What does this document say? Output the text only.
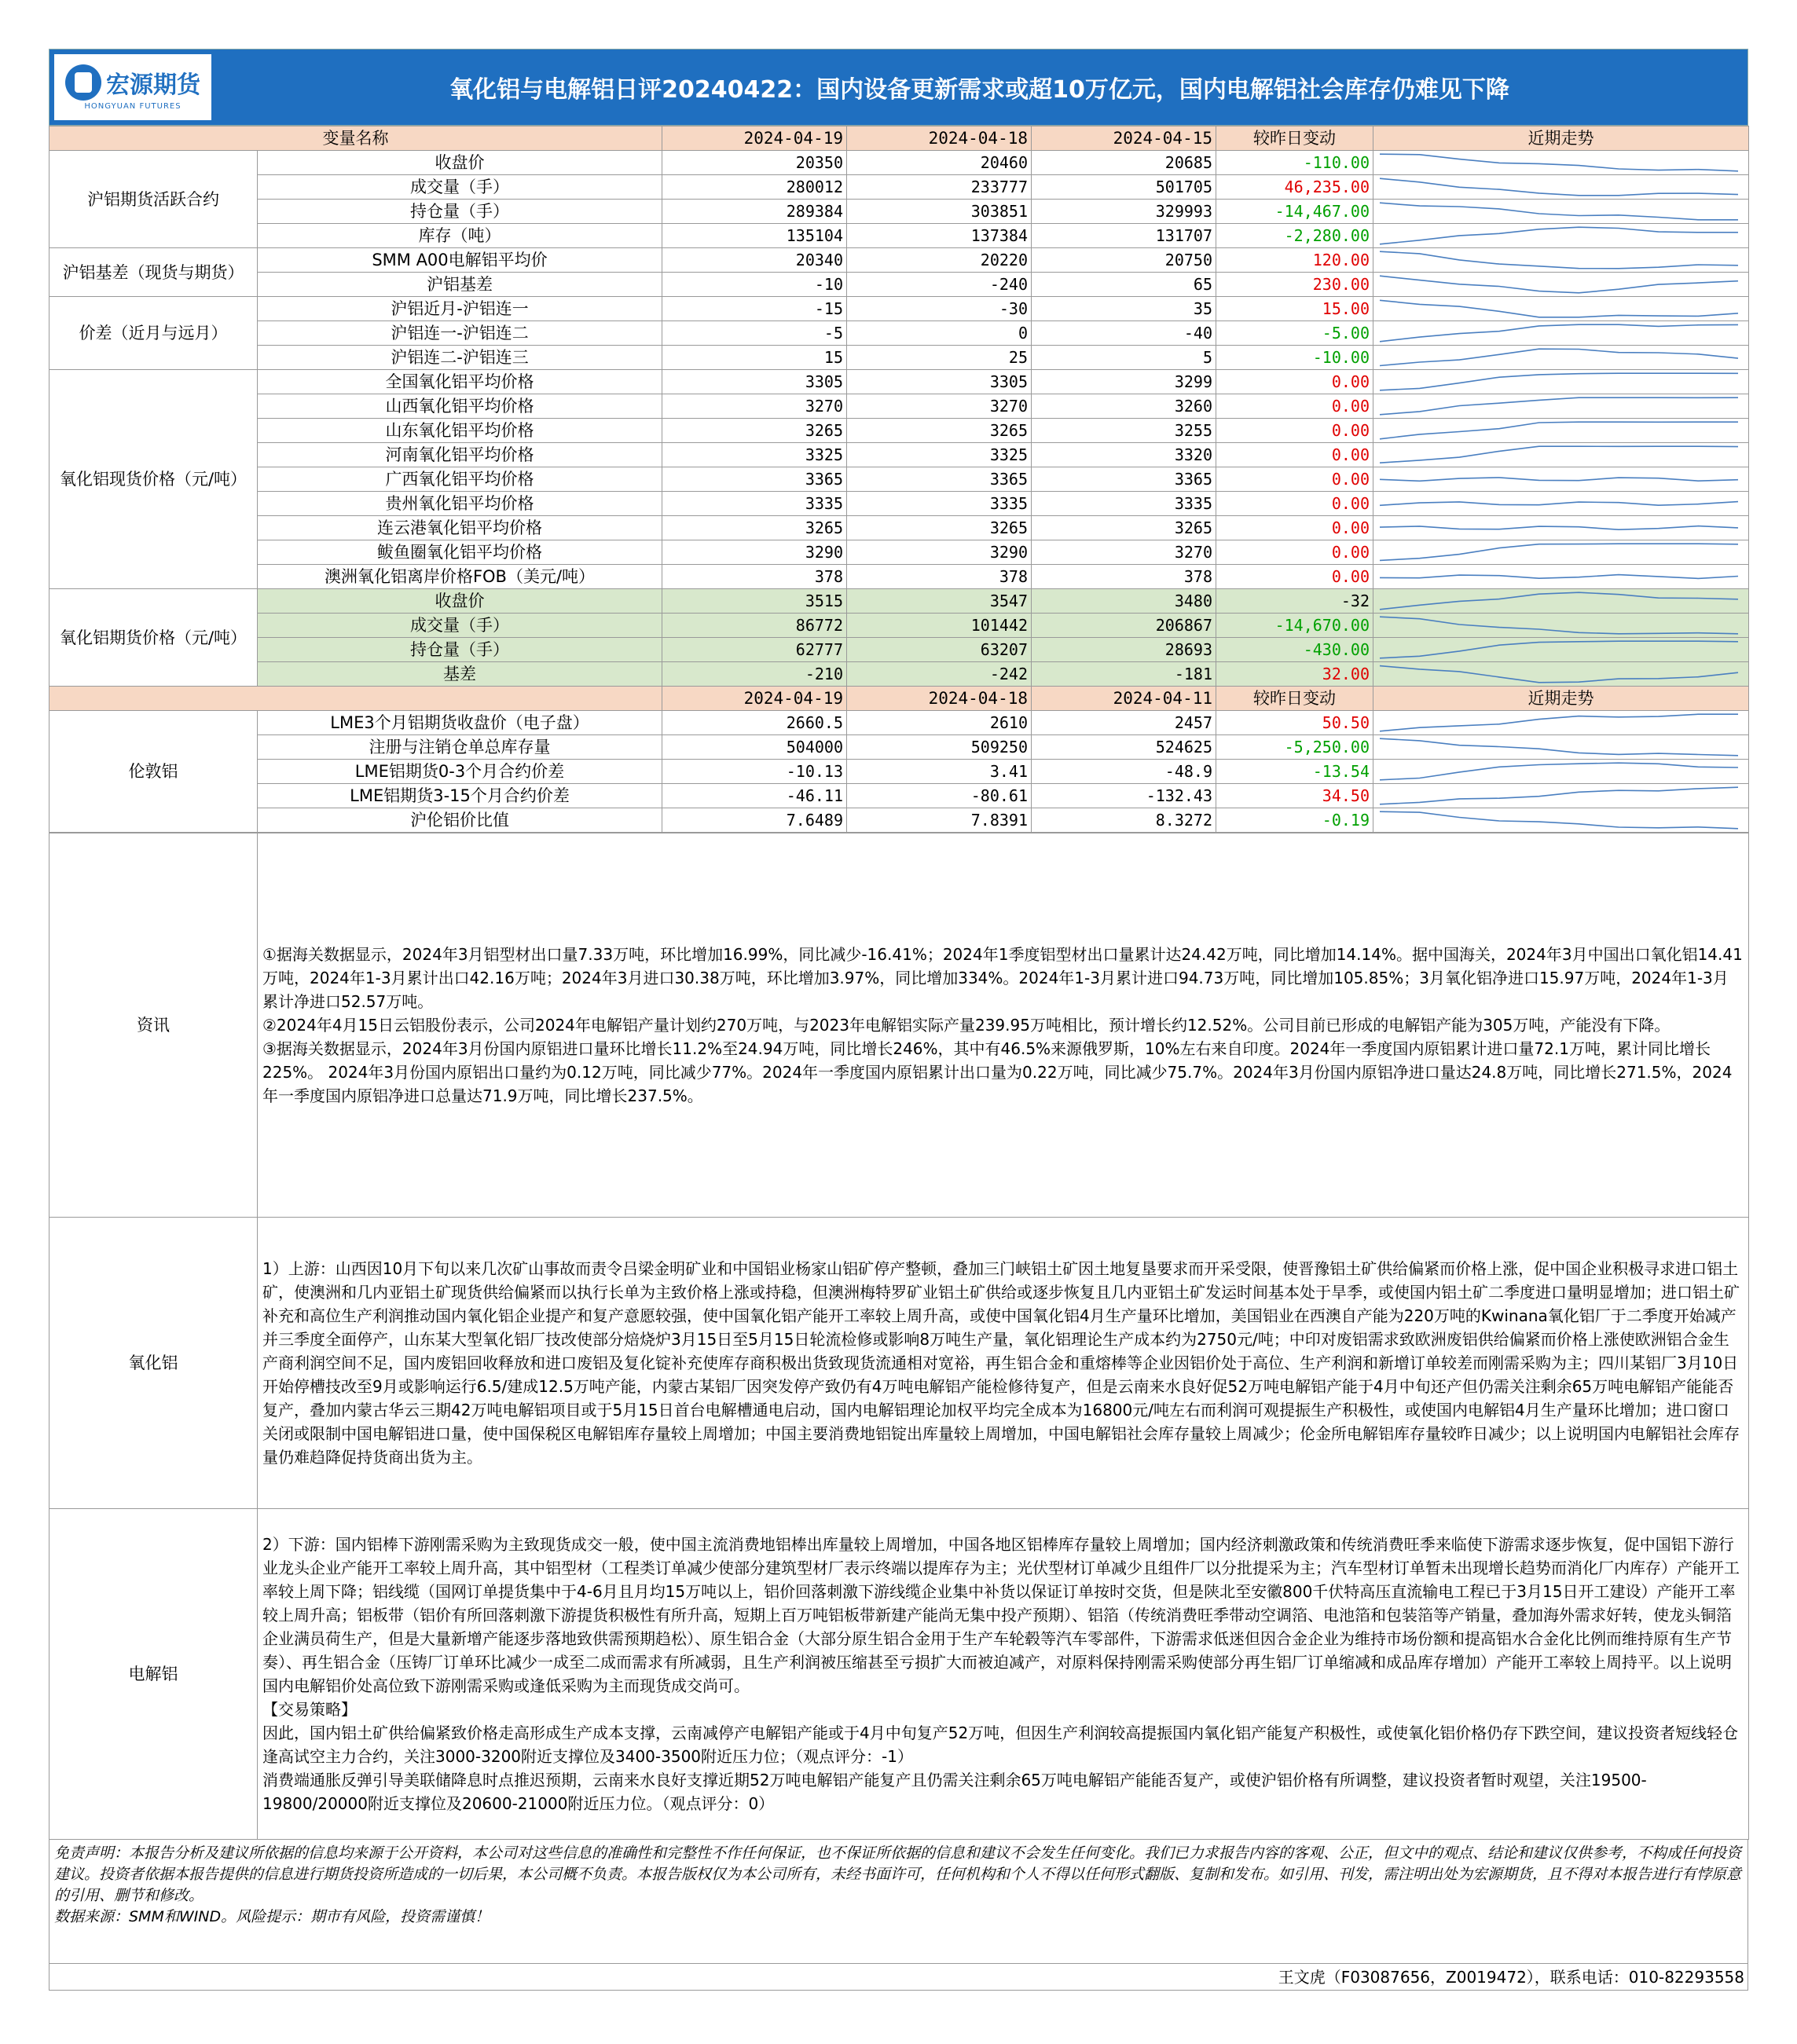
宏源期货
HONGYUAN FUTURES
氧化铝与电解铝日评20240422：国内设备更新需求或超10万亿元，国内电解铝社会库存仍难见下降
变量名称		2024-04-19	2024-04-18	2024-04-15	较昨日变动	近期走势
沪铝期货活跃合约	收盘价	20350	20460	20685	-110.00	

	成交量（手）	280012	233777	501705	46,235.00	

	持仓量（手）	289384	303851	329993	-14,467.00	

	库存（吨）	135104	137384	131707	-2,280.00	

沪铝基差（现货与期货）	SMM A00电解铝平均价	20340	20220	20750	120.00	

	沪铝基差	-10	-240	65	230.00	

价差（近月与远月）	沪铝近月-沪铝连一	-15	-30	35	15.00	

	沪铝连一-沪铝连二	-5	0	-40	-5.00	

	沪铝连二-沪铝连三	15	25	5	-10.00	

氧化铝现货价格（元/吨）	全国氧化铝平均价格	3305	3305	3299	0.00	

	山西氧化铝平均价格	3270	3270	3260	0.00	

	山东氧化铝平均价格	3265	3265	3255	0.00	

	河南氧化铝平均价格	3325	3325	3320	0.00	

	广西氧化铝平均价格	3365	3365	3365	0.00	

	贵州氧化铝平均价格	3335	3335	3335	0.00	

	连云港氧化铝平均价格	3265	3265	3265	0.00	

	鲅鱼圈氧化铝平均价格	3290	3290	3270	0.00	

	澳洲氧化铝离岸价格FOB（美元/吨）	378	378	378	0.00	

氧化铝期货价格（元/吨）	收盘价	3515	3547	3480	-32	

	成交量（手）	86772	101442	206867	-14,670.00	

	持仓量（手）	62777	63207	28693	-430.00	

	基差	-210	-242	-181	32.00	

		2024-04-19	2024-04-18	2024-04-11	较昨日变动	近期走势
伦敦铝	LME3个月铝期货收盘价（电子盘）	2660.5	2610	2457	50.50	

	注册与注销仓单总库存量	504000	509250	524625	-5,250.00	

	LME铝期货0-3个月合约价差	-10.13	3.41	-48.9	-13.54	

	LME铝期货3-15个月合约价差	-46.11	-80.61	-132.43	34.50	

	沪伦铝价比值	7.6489	7.8391	8.3272	-0.19	
资讯	①据海关数据显示，2024年3月铝型材出口量7.33万吨，环比增加16.99%，同比减少-16.41%；2024年1季度铝型材出口量累计达24.42万吨，同比增加14.14%。据中国海关，2024年3月中国出口氧化铝14.41万吨，2024年1-3月累计出口42.16万吨；2024年3月进口30.38万吨，环比增加3.97%，同比增加334%。2024年1-3月累计进口94.73万吨，同比增加105.85%；3月氧化铝净进口15.97万吨，2024年1-3月累计净进口52.57万吨。

②2024年4月15日云铝股份表示，公司2024年电解铝产量计划约270万吨，与2023年电解铝实际产量239.95万吨相比，预计增长约12.52%。公司目前已形成的电解铝产能为305万吨，产能没有下降。

③据海关数据显示，2024年3月份国内原铝进口量环比增长11.2%至24.94万吨，同比增长246%，其中有46.5%来源俄罗斯，10%左右来自印度。2024年一季度国内原铝累计进口量72.1万吨，累计同比增长225%。 2024年3月份国内原铝出口量约为0.12万吨，同比减少77%。2024年一季度国内原铝累计出口量为0.22万吨，同比减少75.7%。2024年3月份国内原铝净进口量达24.8万吨，同比增长271.5%，2024年一季度国内原铝净进口总量达71.9万吨，同比增长237.5%。

氧化铝	1）上游：山西因10月下旬以来几次矿山事故而责令吕梁金明矿业和中国铝业杨家山铝矿停产整顿，叠加三门峡铝土矿因土地复垦要求而开采受限，使晋豫铝土矿供给偏紧而价格上涨，促中国企业积极寻求进口铝土矿，使澳洲和几内亚铝土矿现货供给偏紧而以执行长单为主致价格上涨或持稳，但澳洲梅特罗矿业铝土矿供给或逐步恢复且几内亚铝土矿发运时间基本处于旱季，或使国内铝土矿二季度进口量明显增加；进口铝土矿补充和高位生产利润推动国内氧化铝企业提产和复产意愿较强，使中国氧化铝产能开工率较上周升高，或使中国氧化铝4月生产量环比增加，美国铝业在西澳自产能为220万吨的Kwinana氧化铝厂于二季度开始减产并三季度全面停产，山东某大型氧化铝厂技改使部分焙烧炉3月15日至5月15日轮流检修或影响8万吨生产量，氧化铝理论生产成本约为2750元/吨；中印对废铝需求致欧洲废铝供给偏紧而价格上涨使欧洲铝合金生产商利润空间不足，国内废铝回收释放和进口废铝及复化锭补充使库存商积极出货致现货流通相对宽裕，再生铝合金和重熔棒等企业因铝价处于高位、生产利润和新增订单较差而刚需采购为主；四川某铝厂3月10日开始停槽技改至9月或影响运行6.5/建成12.5万吨产能，内蒙古某铝厂因突发停产致仍有4万吨电解铝产能检修待复产，但是云南来水良好促52万吨电解铝产能于4月中旬还产但仍需关注剩余65万吨电解铝产能能否复产，叠加内蒙古华云三期42万吨电解铝项目或于5月15日首台电解槽通电启动，国内电解铝理论加权平均完全成本为16800元/吨左右而利润可观提振生产积极性，或使国内电解铝4月生产量环比增加；进口窗口关闭或限制中国电解铝进口量，使中国保税区电解铝库存量较上周增加；中国主要消费地铝锭出库量较上周增加，中国电解铝社会库存量较上周减少；伦金所电解铝库存量较昨日减少；以上说明国内电解铝社会库存量仍难趋降促持货商出货为主。

电解铝	2）下游：国内铝棒下游刚需采购为主致现货成交一般，使中国主流消费地铝棒出库量较上周增加，中国各地区铝棒库存量较上周增加；国内经济刺激政策和传统消费旺季来临使下游需求逐步恢复，促中国铝下游行业龙头企业产能开工率较上周升高，其中铝型材（工程类订单减少使部分建筑型材厂表示终端以提库存为主；光伏型材订单减少且组件厂以分批提采为主；汽车型材订单暂未出现增长趋势而消化厂内库存）产能开工率较上周下降；铝线缆（国网订单提货集中于4-6月且月均15万吨以上，铝价回落刺激下游线缆企业集中补货以保证订单按时交货，但是陕北至安徽800千伏特高压直流输电工程已于3月15日开工建设）产能开工率较上周升高；铝板带（铝价有所回落刺激下游提货积极性有所升高，短期上百万吨铝板带新建产能尚无集中投产预期）、铝箔（传统消费旺季带动空调箔、电池箔和包装箔等产销量，叠加海外需求好转，使龙头铜箔企业满员荷生产，但是大量新增产能逐步落地致供需预期趋松）、原生铝合金（大部分原生铝合金用于生产车轮毂等汽车零部件，下游需求低迷但因合金企业为维持市场份额和提高铝水合金化比例而维持原有生产节奏）、再生铝合金（压铸厂订单环比减少一成至二成而需求有所减弱，且生产利润被压缩甚至亏损扩大而被迫减产，对原料保持刚需采购使部分再生铝厂订单缩减和成品库存增加）产能开工率较上周持平。以上说明国内电解铝价处高位致下游刚需采购或逢低采购为主而现货成交尚可。

【交易策略】

因此，国内铝土矿供给偏紧致价格走高形成生产成本支撑，云南减停产电解铝产能或于4月中旬复产52万吨，但因生产利润较高提振国内氧化铝产能复产积极性，或使氧化铝价格仍存下跌空间，建议投资者短线轻仓逢高试空主力合约，关注3000-3200附近支撑位及3400-3500附近压力位；（观点评分：-1）

消费端通胀反弹引导美联储降息时点推迟预期，云南来水良好支撑近期52万吨电解铝产能复产且仍需关注剩余65万吨电解铝产能能否复产，或使沪铝价格有所调整，建议投资者暂时观望，关注19500-19800/20000附近支撑位及20600-21000附近压力位。（观点评分：0）

免责声明：本报告分析及建议所依据的信息均来源于公开资料，本公司对这些信息的准确性和完整性不作任何保证，也不保证所依据的信息和建议不会发生任何变化。我们已力求报告内容的客观、公正，但文中的观点、结论和建议仅供参考，不构成任何投资建议。投资者依据本报告提供的信息进行期货投资所造成的一切后果，本公司概不负责。本报告版权仅为本公司所有，未经书面许可，任何机构和个人不得以任何形式翻版、复制和发布。如引用、刊发，需注明出处为宏源期货，且不得对本报告进行有悖原意的引用、删节和修改。
数据来源：SMM和WIND。风险提示：期市有风险，投资需谨慎！
王文虎（F03087656，Z0019472），联系电话：010-82293558
